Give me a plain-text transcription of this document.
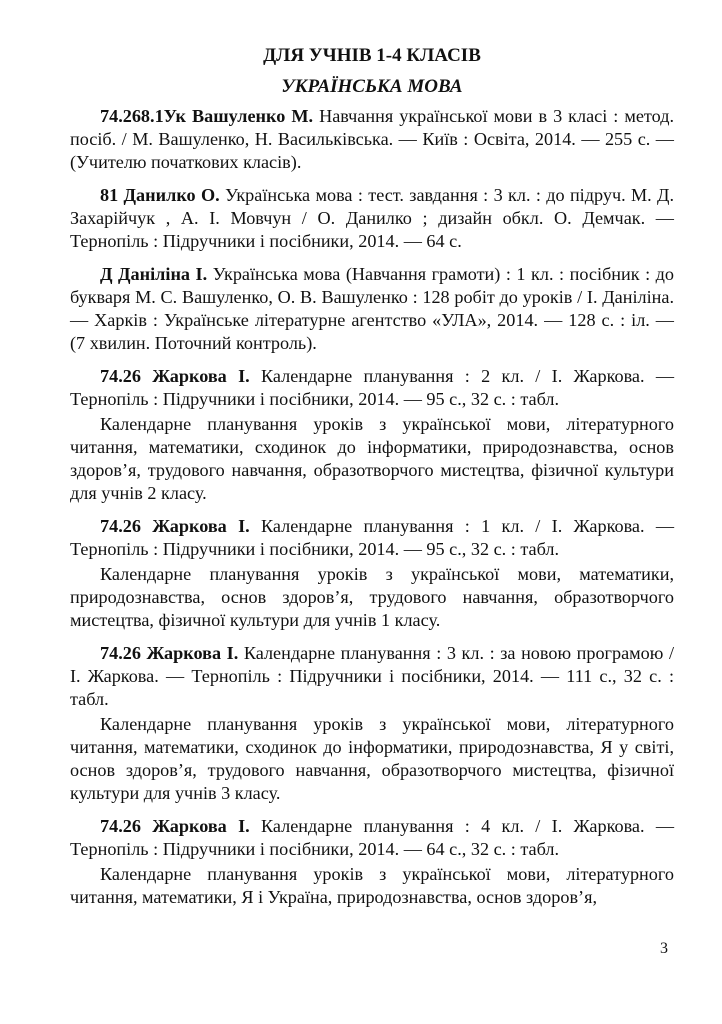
ДЛЯ УЧНІВ 1-4 КЛАСІВ

УКРАЇНСЬКА МОВА

74.268.1Ук Вашуленко М. Навчання української мови в 3 класі : метод. посіб. / М. Вашуленко, Н. Васильківська. — Київ : Освіта, 2014. — 255 с. — (Учителю початкових класів).

81 Данилко О. Українська мова : тест. завдання : 3 кл. : до підруч. М. Д. Захарійчук , А. І. Мовчун / О. Данилко ; дизайн обкл. О. Демчак. — Тернопіль : Підручники і посібники, 2014. — 64 с.

Д Даніліна І. Українська мова (Навчання грамоти) : 1 кл. : посібник : до букваря М. С. Вашуленко, О. В. Вашуленко : 128 робіт до уроків / І. Даніліна. — Харків : Українське літературне агентство «УЛА», 2014. — 128 с. : іл. — (7 хвилин. Поточний контроль).

74.26 Жаркова І. Календарне планування : 2 кл. / І. Жаркова. — Тернопіль : Підручники і посібники, 2014. — 95 с., 32 с. : табл.

Календарне планування уроків з української мови, літературного читання, математики, сходинок до інформатики, природознавства, основ здоров’я, трудового навчання, образотворчого мистецтва, фізичної культури для учнів 2 класу.

74.26 Жаркова І. Календарне планування : 1 кл. / І. Жаркова. — Тернопіль : Підручники і посібники, 2014. — 95 с., 32 с. : табл.

Календарне планування уроків з української мови, математики, природознавства, основ здоров’я, трудового навчання, образотворчого мистецтва, фізичної культури для учнів 1 класу.

74.26 Жаркова І. Календарне планування : 3 кл. : за новою програмою / І. Жаркова. — Тернопіль : Підручники і посібники, 2014. — 111 с., 32 с. : табл.

Календарне планування уроків з української мови, літературного читання, математики, сходинок до інформатики, природознавства, Я у світі, основ здоров’я, трудового навчання, образотворчого мистецтва, фізичної культури для учнів 3 класу.

74.26 Жаркова І. Календарне планування : 4 кл. / І. Жаркова. — Тернопіль : Підручники і посібники, 2014. — 64 с., 32 с. : табл.

Календарне планування уроків з української мови, літературного читання, математики, Я і Україна, природознавства, основ здоров’я,

3
